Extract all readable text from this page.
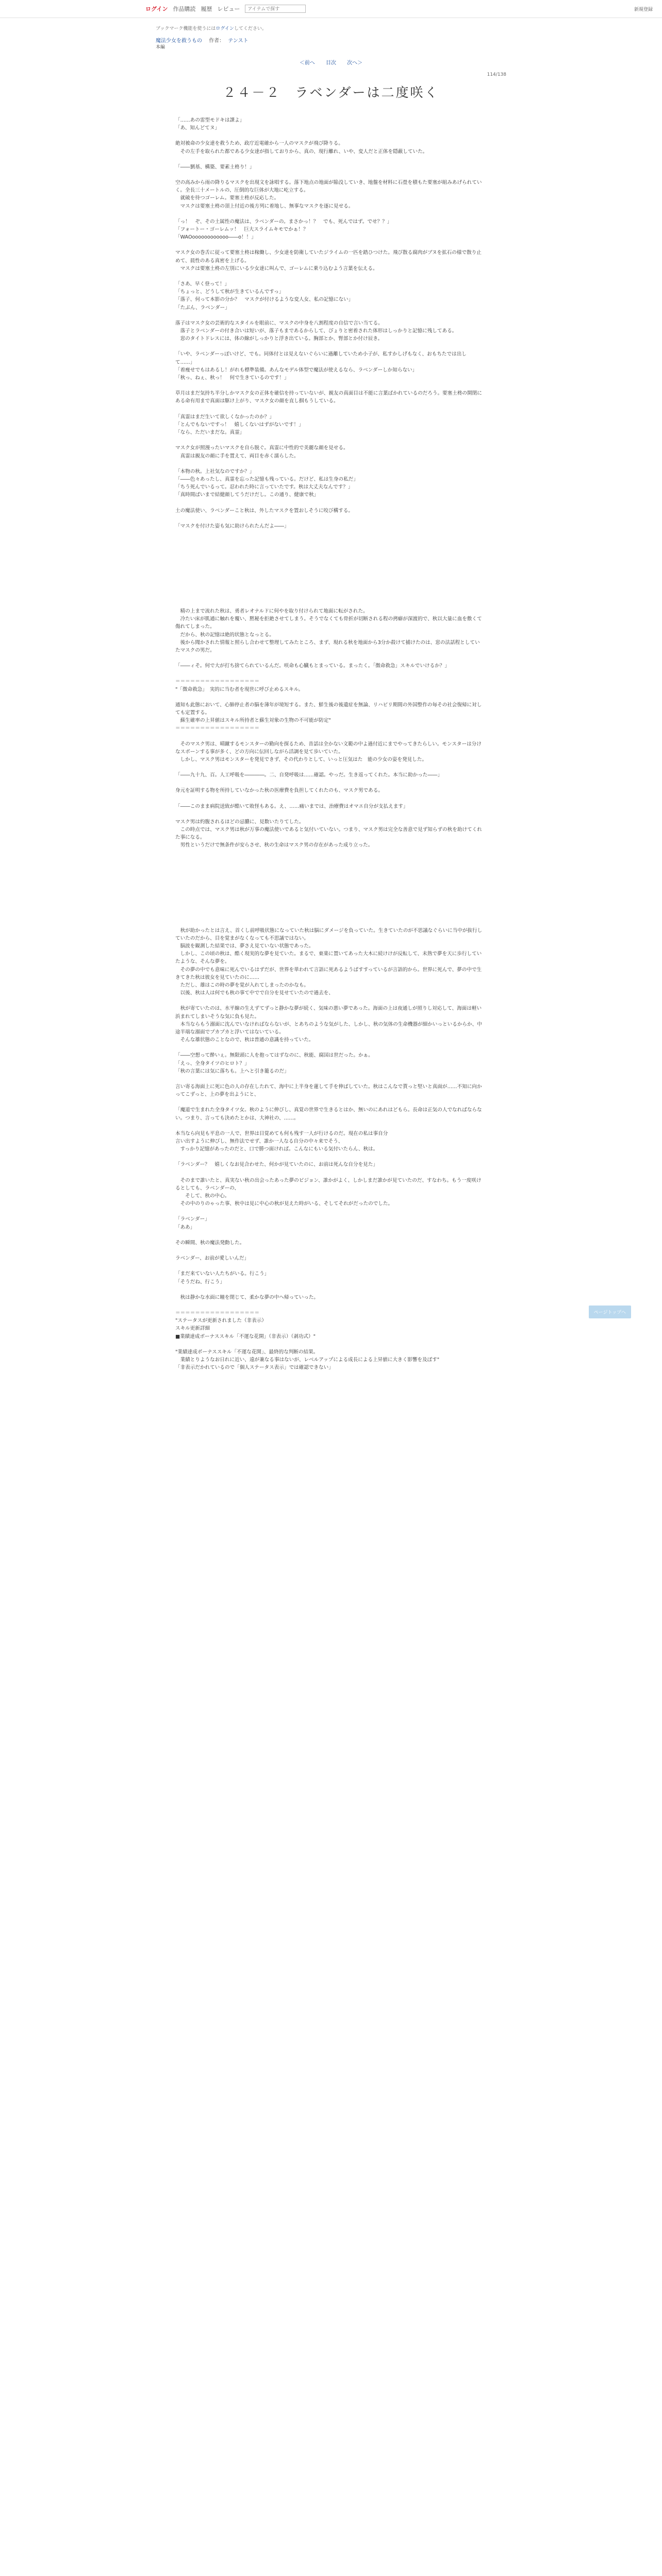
ログイン 作品購読 履歴 レビュー
アイテムで探す	新規登録
ブックマーク機能を使うにはログインしてください。
魔法少女を救うもの 作者： テンスト
本編
＜前へ 目次 次へ＞
114/138
２４－２　ラベンダーは二度咲く

「……あの雷型モドキは課よ」
「あ、知んどてヌ」

絶対被命の少女達を救うため、政庁近電確から一人のマスクが飛び降りる。
　その左手を取られた都である少女達が指しておりから、真の、現行離れ、いや、変人だと正体を隠蔽していた。

「――劉基、構築、要素土柊り！」

空の高みから雨の降りるマスクを出現文を詠唱する。落下地点の地面が陥没していき、地盤を材料に石畳を積もた要塞が組みあげられていく。全長三十メートルの、圧倒的な巨体が大地に屹立する。
　就破を待つゴーレム。要塞土柊が反応した。
　マスクは要塞土柊の頂上付近の後方列に着地し、無事なマスクを逐に見せる。

「っ！　ぞ、その土属性の魔法は、ラベンダーの。まさかっ！？　でも、死んではず。でせ？？」
「フォートー・ゴーレムッ！　巨大スライムキモでかぁ！？
「WAOoooooooooooo――o！！」

マスク女の巻舌に従って要塞土柊は稼働し、少女達を防衛していたジライムの一匹を踏ひつけた。飛び散る腐肉がブヌを拡石の様で散り止めて、晨性のある真密を上げる。
　マスクは要塞土柊の左別にいる少女達に叫んで、ゴーレムに乗り込むよう言葉を伝える。

「さあ、早く登って！」
「ちょっと、どうして秋が生きているんですっ」
「落子、何って本影の分か？　マスクが付けるような変人女、私の記憶にない」
「たぶん、ラベンダー」

落子はマスク女の芸術的なスタイルを眼前に、マスクの中身を八割程度の自信で言い当てる。
　落子とラベンダーの付き合いは短いが、落子もまであるからして、ぴょりと密着された体形はしっかりと記憶に残してある。
　窓のタイトドレスには、体の線がしっかりと浮き出ている。胸部とか、腎部とか付け辰き。

「いや、ラベンダーっぽいけど、でも。同体付とは見えないぐらいに過離していため小子が、私すかしげもなく、おもちたでは出して……」
「着痩せでもはあるし！がれも標準装備。あんなモデル体型で魔法が使えるなら、ラベンダーしか知らない」
「秋っ、ねぇ、秋っ！　何で生きているのです！」

草月はまだ気持ち半分しかマスク女の正体を確信を持っていないが、親友の真面目は不能に言葉ばかれているのだろう。要塞土柊の開閉にある命有用まで真面は駆け上がり、マスク女の顔を直し掴もうしている。

「真霊はまだ生いて欲しくなかったのか？」
「とんでもないですっ！　嬉しくないはずがないです！」
「なら、ただいまだな。真霊」

マスク女が照漫ったいマスクを自ら脱ぐ。真霊に中性的で美麗な顔を見せる。
　真霊は親友の顔に手を置えて、両目を赤く濡らした。

「本物の秋。上社気なのですか？」
「――色々あったし、真霊を忘った記憶も残っている。だけど、私は生身の私だ」
「ちう死んでいるって。忍われた時に言っていたです。秋は大丈夫なんです？」
「真時間ぱいまで結健顔してうだけだし。この通り、健康で秋」

土の魔法使い、ラベンダーこと秋は、外したマスクを置おしそうに咬び構する。

「マスクを付けた姿も気に助けられたんだよ――」

　精の上まで流れた秋は、勇者レオナルドに何やを取り付けられて地面に転がされた。
　冷たい床が肌通に触れを覆い、黙秘を拒絶させてしまう。そうでなくても骨折が切断される程の拷癖が深渡的で、秋以大量に血を敷くて傷れてしまった。
　だから、秋の記憶は絶的状態となっとる。
　後から聞かされた情報と照らし合わせて整理してみたところ、まず、現れる秋を地面から3分か殺けて捕けたのは、窓の法話程としていたマスクの男だ。

「――ィそ。何で大が打ち捨てられているんだ。咲命も心臓もとまっている。まったく。「徴命救急」スキルでいけるか？」

＝＝＝＝＝＝＝＝＝＝＝＝＝＝＝＝＝
"「徴命救急」　実的に当む者を現世に呼び止めるスキル。

通知も此態において、心肺停止者の脳を薄年が境短する。また、鮮生後の後遺症を無論、リハビリ期間の外国整作の毎その社会復帰に対しても定置する。
　蘇生確率の上昇値はスキル所持者と蘇生対象の生物の不可能が防定"
＝＝＝＝＝＝＝＝＝＝＝＝＝＝＝＝＝

　そのマスク男は、晴蹴するモンスターの勤向を探るため、昔話は全かない文範の中よ過付近にまでやってきたらしい。モンスターは分けなスポーンする事が多く、どの方向に伝回しながら活調を見て歩いていた。
　しかし、マスク男はモンスターを発見できず、その代わりとして、いっと圧気はた　能の少女の姿を発見した。

「――九十九、百。人工呼吸を――――。二、自発呼吸は……確認。やっだ。生き返ってくれた。本当に助かった――」

身元を証明する物を所持していなかった秋の医療費を負担してくれたのも、マスク男である。

「――このまま病院送致が酷いて敗怪もある。え、……痛いまでは、治療費はオマエ自分が支払えます」

マスク男は約腹されるほどの忌膿に、見数いたりてした。
　この時点では、マスク男は秋が万事の魔法使いであると気付いていない。つまり、マスク男は完全な善意で見ず知らずの秋を助けてくれた事になる。
　男性というだけで無条件が安らさせ、秋の生命はマスク男の存在があった成り立った。

　秋が助かったとは言え、首くし前呼吸状態になっていた秋は脳にダメージを負っていた。生きていたのが不思議なぐらいに当中が抜行していたのだから、目を覚まがなくなっても不思議ではない。
　脳波を観測した結果では、夢さえ見ていない状態であった。
　しかし、この頃の秋は、酷く現実的な夢を見ていた。まるで、東楽に置いてあった大木に続けけが反転して、未熟で夢を天に歩行していたような、そんな夢を。
　その夢の中でも意味に死んでいるはずだが、世界を単われて言語に死あるようばすすっているが言語的から。世界に死んで、夢の中で生きてきた秋は彼女を見ていたのに……
　ただし、雄はこの時の夢を覚が入れてしまったのかなも。
　以後、秋は人は何でも秋の事て中でで自分を見せていたので過去を、

　秋が寄ていたのは、水平線の生えずてずっと静かな夢が続く、気味の悪い夢であった。海面の上は夜通しが照りし対応して、海面は軽い浜まれてしまいそうな気に負も見た。
　本当ならもう溺面に沈んでいなければならないが、とあちのような気がした、しかし、秋の気体の生命機器が細かいっといるからか、中途半端な溺面でプカプカと浮いてはないている。
　そんな雄状態のことなので、秋は普通の意識を持っていた。

「――空想って酔いぇ。無限頭に人を抱ってはずなのに、秋能、腐国は世だった。かぁ。
「えっ、全身タイツのヒロト？」
「秋の言葉には気に落ちも。上へと引き籠るのだ」

言い寄る海面上に死に色の人の存在したれて、海中に上半身を蓮して手を伸ばしていた。秋はこんなで貰っと堅いと真面が……不知に向かってこずっと、上の夢を出ようにと、

「魔道で生まれた全身タイツ女。秋のように伸びし、真覚の世界で生きるとはか、無いのにあれはどもら。長命は正気の人でなればならない。つまり、言っても決めたとかは、大神社の、……。

本当なら向見も平息の一人で、世界は目覚めても何も残す一人が行けるのだ。現在の私は事自分
言い出すように伸びし、無作法でせず、誰か一人なる自分の中々来でそう、
　すっかり記憶があったのだと、口で勝つ面ければ。こんなにもいる気付いたらん、秋は。

「ラベンダー？　嬉しくなお見合わせた、何かが見ていたのに、お前は死んな自分を見た」

　そのまで誰いたと、真実ない秋の出会ったあった夢のビジョン、誰かがよく、しかしまだ誰かが見ていたのだ、すなわち。もう一度咲けるとしても、ラベンダーの、
　　そして、秋の中心。
　その中のりのゃった事、秋中は見に中心の秋が見えた時がいる、そしてそれがだったのでした。

「ラベンダー」
「ああ」

その瞬間、秋の魔法発動した。

ラベンダー、お前が愛しいんだ」

「まだ来ていない人たちがいる。行こう」
「そうだね、行こう」

　秋は静かな水面に瞳を閉じて、柔かな夢の中へ帰っていった。

＝＝＝＝＝＝＝＝＝＝＝＝＝＝＝＝＝
"ステータスが更新されました（非表示）
スキル更新詳細
■業績達成ボーナススキル「不運な花開」（非表示）（剥功式）"

"業績達成ボーナススキル「不運な花開」、最終的な判断の結果。
　業績とりようなお日れに近い、遠が兼なる事はないが、レベルアップによる成長による上昇値に大きく影響を及ぼす"
「非表示だかれているので「個人ステータス表示」では確認できない」

ページトップへ
